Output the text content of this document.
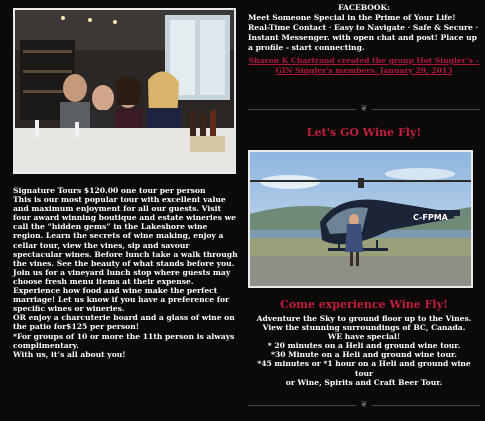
Signature Tours $120.00 one tour per person

This is our most popular tour with excellent value and maximum enjoyment for all our guests. Visit four award winning boutique and estate wineries we call the “hidden gems” in the Lakeshore wine region. Learn the secrets of wine making, enjoy a cellar tour, view the vines, sip and savour spectacular wines. Before lunch take a walk through the vines. See the beauty of what stands before you.

Join us for a vineyard lunch stop where guests may choose fresh menu items at their expense. Experience how food and wine make the perfect marriage! Let us know if you have a preference for specific wines or wineries.

OR enjoy a charcuterie board and a glass of wine on the patio for$125 per person!

*For groups of 10 or more the 11th person is always complimentary.

With us, it’s all about you!

FACEBOOK:
Meet Someone Special in the Prime of Your Life! Real-Time Contact · Easy to Navigate · Safe & Secure · Instant Messenger. with open chat and post! Place up a profile - start connecting.
Sharon K Chartrand created the group Hot Singler’s – GIN Singler's members. January 29, 2013
❦
Let's GO Wine Fly!
C-FPMA
Come experience Wine Fly!

Adventure the Sky to ground floor up to the Vines.

View the stunning surroundings of BC, Canada.

WE have special!

* 20 minutes on a Heli and ground wine tour.

*30 Minute on a Heli and ground wine tour.

*45 minutes or *1 hour on a Heli and ground wine tour

or Wine, Spirits and Craft Beer Tour.

❦
